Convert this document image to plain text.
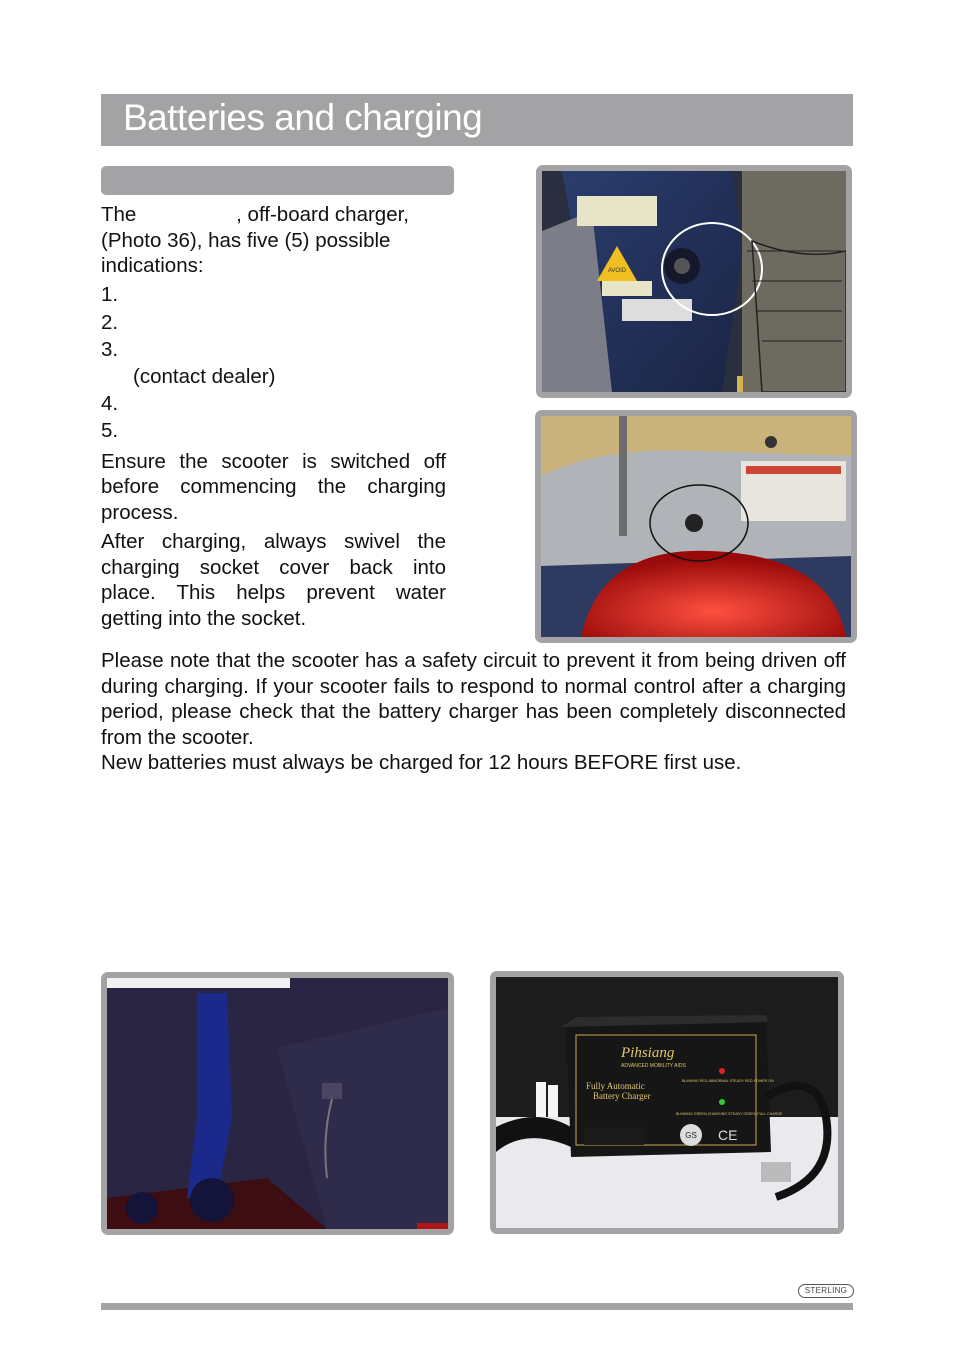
Batteries and charging
The	, off-board charger,
(Photo 36), has five (5) possible
indications:
1.
2.
3.
(contact dealer)
4.
5.

Ensure the scooter is switched off before commencing the charging process.

After charging, always swivel the charging socket cover back into place. This helps prevent water getting into the socket.

Please note that the scooter has a safety circuit to prevent it from being driven off during charging. If your scooter fails to respond to normal control after a charging period, please check that the battery charger has been completely disconnected from the scooter.

New batteries must always be charged for 12 hours BEFORE first use.

AVOID
Pihsiang
ADVANCED MOBILITY AIDS
Fully Automatic
Battery Charger
BLINKING RED-ABNORMAL STEADY RED-POWER ON
BLINKING GREEN-CHARGING STEADY GREEN-FULL CHARGE
GS CE
STERLING
